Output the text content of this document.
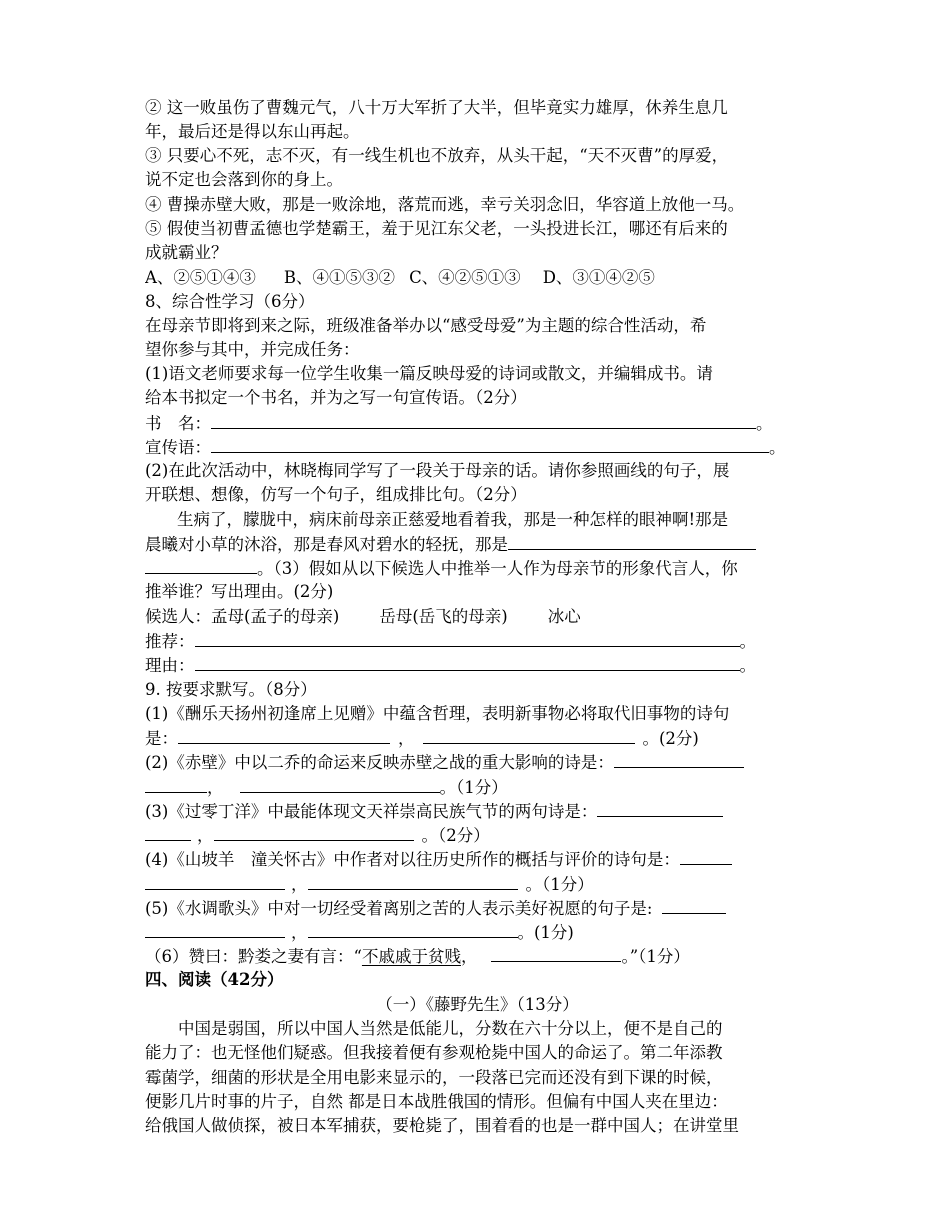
② 这一败虽伤了曹魏元气，八十万大军折了大半，但毕竟实力雄厚，休养生息几
年，最后还是得以东山再起。
③ 只要心不死，志不灭，有一线生机也不放弃，从头干起，“天不灭曹”的厚爱，
说不定也会落到你的身上。
④ 曹操赤壁大败，那是一败涂地，落荒而逃，幸亏关羽念旧，华容道上放他一马。
⑤ 假使当初曹孟德也学楚霸王，羞于见江东父老，一头投进长江，哪还有后来的
成就霸业？
A、②⑤①④③ B、④①⑤③② C、④②⑤①③ D、③①④②⑤
8、综合性学习（6分）
在母亲节即将到来之际，班级准备举办以“感受母爱”为主题的综合性活动，希
望你参与其中，并完成任务：
(1)语文老师要求每一位学生收集一篇反映母爱的诗词或散文，并编辑成书。请
给本书拟定一个书名，并为之写一句宣传语。（2分）
书　名：	。
宣传语：	。
(2)在此次活动中，林晓梅同学写了一段关于母亲的话。请你参照画线的句子，展
开联想、想像，仿写一个句子，组成排比句。（2分）
生病了，朦胧中，病床前母亲正慈爱地看着我，那是一种怎样的眼神啊!那是
晨曦对小草的沐浴，那是春风对碧水的轻抚，那是
。（3）假如从以下候选人中推举一人作为母亲节的形象代言人，你
推举谁？写出理由。(2分)
候选人：孟母(孟子的母亲) 岳母(岳飞的母亲) 冰心
推荐：	。
理由：	。
9. 按要求默写。（8分）
(1)《酬乐天扬州初逢席上见赠》中蕴含哲理，表明新事物必将取代旧事物的诗句
是：	，	。(2分)
(2)《赤壁》中以二乔的命运来反映赤壁之战的重大影响的诗是：
，	。（1分）
(3)《过零丁洋》中最能体现文天祥崇高民族气节的两句诗是：
，	。（2分）
(4)《山坡羊　潼关怀古》中作者对以往历史所作的概括与评价的诗句是：
，	。（1分）
(5)《水调歌头》中对一切经受着离别之苦的人表示美好祝愿的句子是:
，	。(1分)
（6）赞曰：黔娄之妻有言：“不戚戚于贫贱，	。”（1分）
四、阅读（42分）
（一）《藤野先生》（13分）
中国是弱国，所以中国人当然是低能儿，分数在六十分以上，便不是自己的
能力了：也无怪他们疑惑。但我接着便有参观枪毙中国人的命运了。第二年添教
霉菌学，细菌的形状是全用电影来显示的，一段落已完而还没有到下课的时候，
便影几片时事的片子，自然 都是日本战胜俄国的情形。但偏有中国人夹在里边：
给俄国人做侦探，被日本军捕获，要枪毙了，围着看的也是一群中国人；在讲堂里
